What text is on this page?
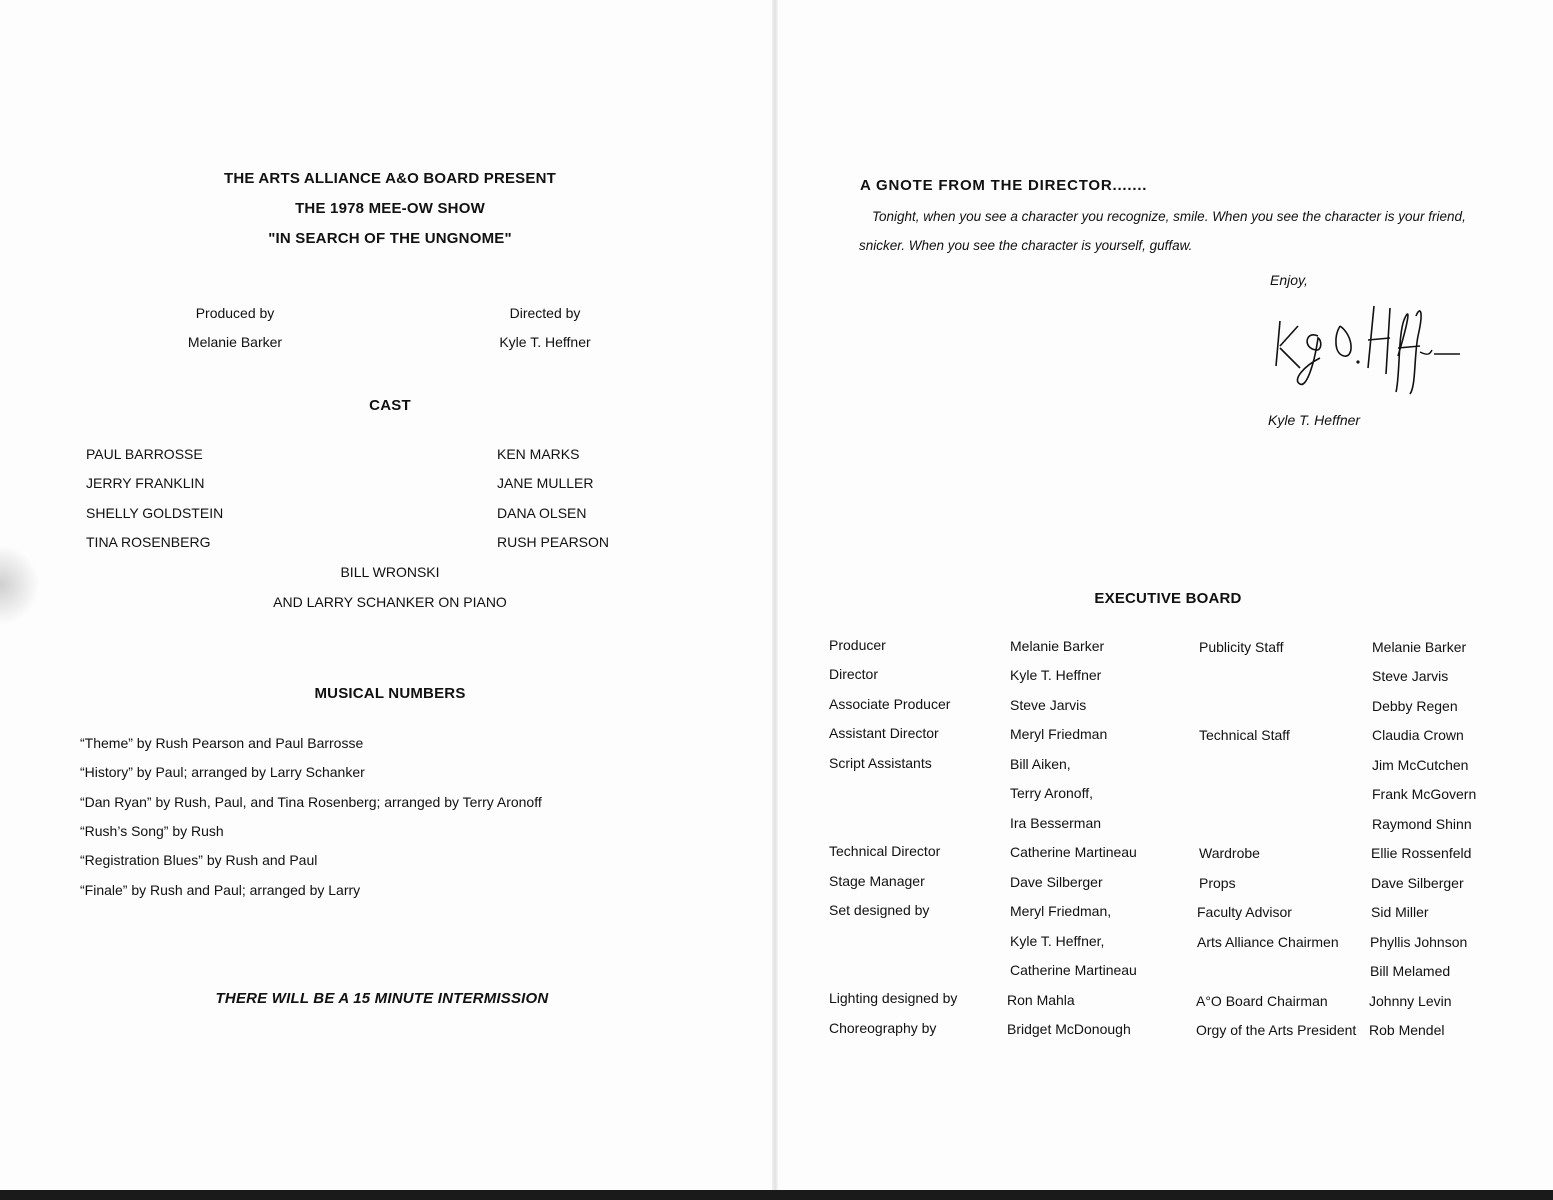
THE ARTS ALLIANCE A&O BOARD PRESENT
THE 1978 MEE-OW SHOW
"IN SEARCH OF THE UNGNOME"
Produced by
Melanie Barker
Directed by
Kyle T. Heffner
CAST
PAUL BARROSSE
JERRY FRANKLIN
SHELLY GOLDSTEIN
TINA ROSENBERG
KEN MARKS
JANE MULLER
DANA OLSEN
RUSH PEARSON
BILL WRONSKI
AND LARRY SCHANKER ON PIANO
MUSICAL NUMBERS
“Theme” by Rush Pearson and Paul Barrosse
“History” by Paul; arranged by Larry Schanker
“Dan Ryan” by Rush, Paul, and Tina Rosenberg; arranged by Terry Aronoff
“Rush’s Song” by Rush
“Registration Blues” by Rush and Paul
“Finale” by Rush and Paul; arranged by Larry
THERE WILL BE A 15 MINUTE INTERMISSION
A GNOTE FROM THE DIRECTOR.......
Tonight, when you see a character you recognize, smile. When you see the character is your friend,
snicker. When you see the character is yourself, guffaw.
Enjoy,
Kyle T. Heffner
EXECUTIVE BOARD
Producer
Director
Associate Producer
Assistant Director
Script Assistants
Technical Director
Stage Manager
Set designed by
Lighting designed by
Choreography by
Melanie Barker
Kyle T. Heffner
Steve Jarvis
Meryl Friedman
Bill Aiken,
Terry Aronoff,
Ira Besserman
Catherine Martineau
Dave Silberger
Meryl Friedman,
Kyle T. Heffner,
Catherine Martineau
Ron Mahla
Bridget McDonough
Publicity Staff
Technical Staff
Wardrobe
Props
Faculty Advisor
Arts Alliance Chairmen
A°O Board Chairman
Orgy of the Arts President
Melanie Barker
Steve Jarvis
Debby Regen
Claudia Crown
Jim McCutchen
Frank McGovern
Raymond Shinn
Ellie Rossenfeld
Dave Silberger
Sid Miller
Phyllis Johnson
Bill Melamed
Johnny Levin
Rob Mendel
